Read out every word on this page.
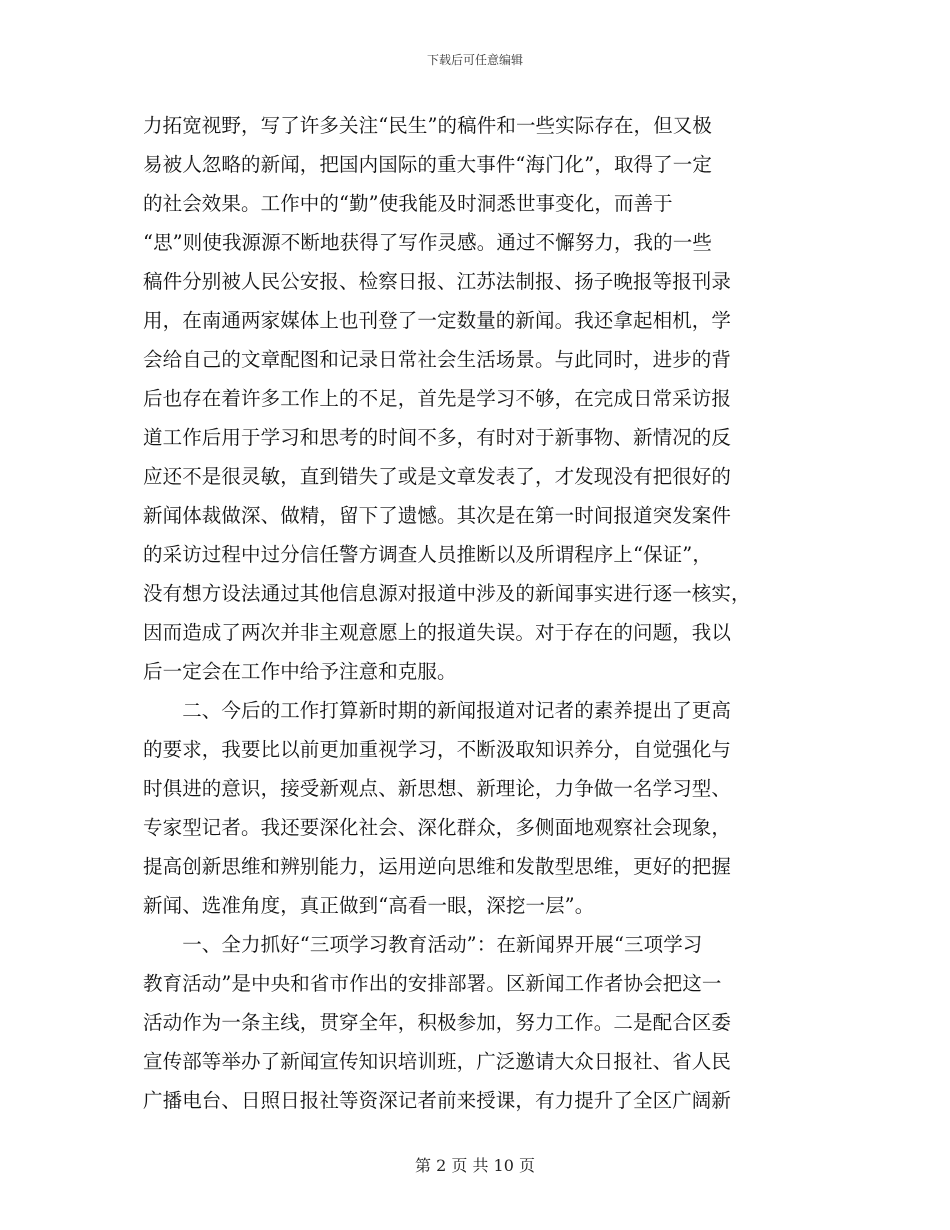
下载后可任意编辑
力拓宽视野，写了许多关注“民生”的稿件和一些实际存在，但又极
易被人忽略的新闻，把国内国际的重大事件“海门化”，取得了一定
的社会效果。工作中的“勤”使我能及时洞悉世事变化，而善于
“思”则使我源源不断地获得了写作灵感。通过不懈努力，我的一些
稿件分别被人民公安报、检察日报、江苏法制报、扬子晚报等报刊录
用，在南通两家媒体上也刊登了一定数量的新闻。我还拿起相机，学
会给自己的文章配图和记录日常社会生活场景。与此同时，进步的背
后也存在着许多工作上的不足，首先是学习不够，在完成日常采访报
道工作后用于学习和思考的时间不多，有时对于新事物、新情况的反
应还不是很灵敏，直到错失了或是文章发表了，才发现没有把很好的
新闻体裁做深、做精，留下了遗憾。其次是在第一时间报道突发案件
的采访过程中过分信任警方调查人员推断以及所谓程序上“保证”，
没有想方设法通过其他信息源对报道中涉及的新闻事实进行逐一核实，
因而造成了两次并非主观意愿上的报道失误。对于存在的问题，我以
后一定会在工作中给予注意和克服。
　　二、今后的工作打算新时期的新闻报道对记者的素养提出了更高
的要求，我要比以前更加重视学习，不断汲取知识养分，自觉强化与
时俱进的意识，接受新观点、新思想、新理论，力争做一名学习型、
专家型记者。我还要深化社会、深化群众，多侧面地观察社会现象，
提高创新思维和辨别能力，运用逆向思维和发散型思维，更好的把握
新闻、选准角度，真正做到“高看一眼，深挖一层”。
　　一、全力抓好“三项学习教育活动”：在新闻界开展“三项学习
教育活动”是中央和省市作出的安排部署。区新闻工作者协会把这一
活动作为一条主线，贯穿全年，积极参加，努力工作。二是配合区委
宣传部等举办了新闻宣传知识培训班，广泛邀请大众日报社、省人民
广播电台、日照日报社等资深记者前来授课，有力提升了全区广阔新
第 2 页 共 10 页
